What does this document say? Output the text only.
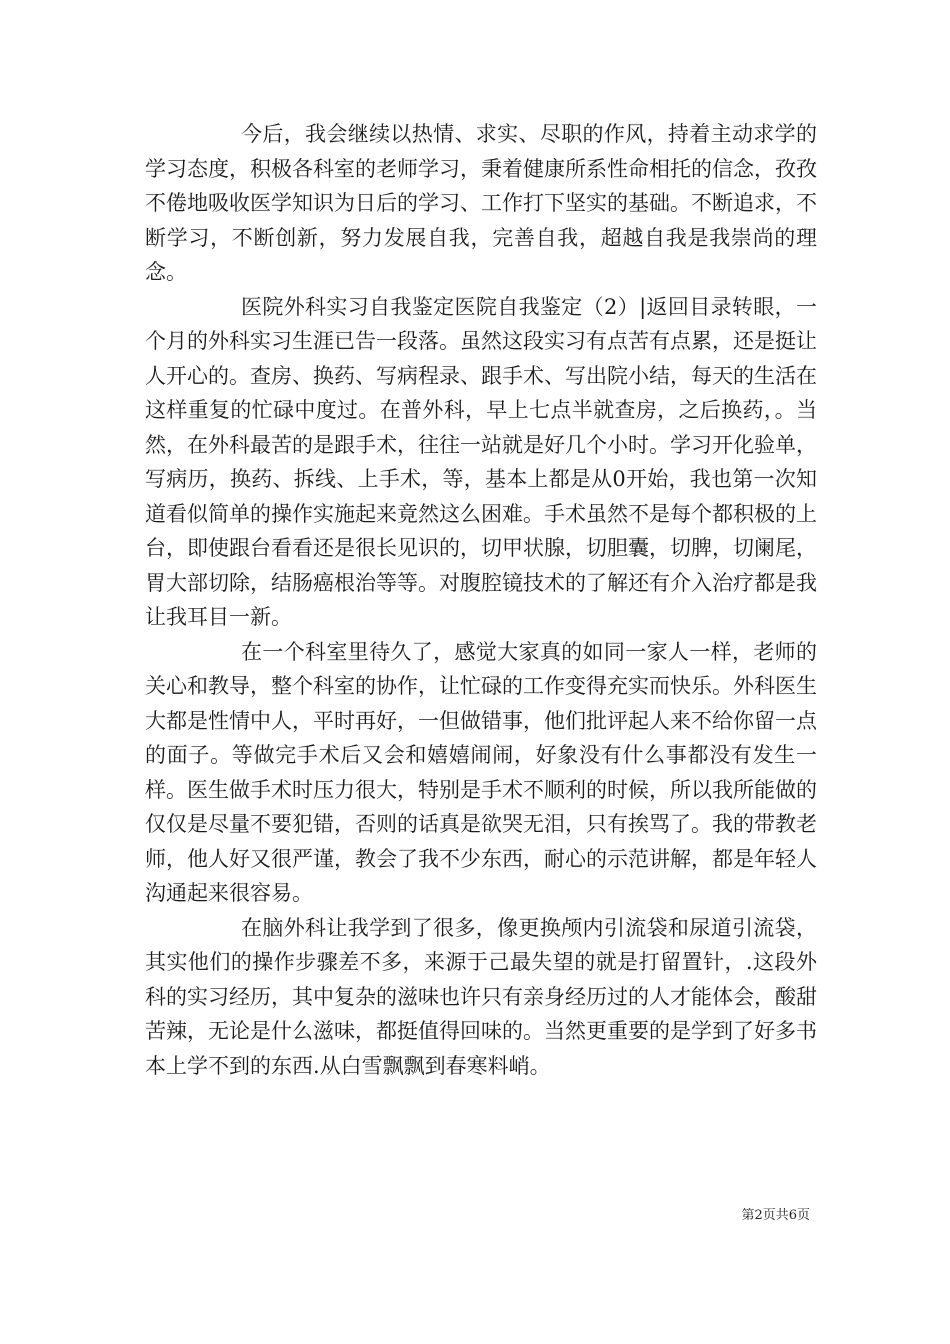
今后，我会继续以热情、求实、尽职的作风，持着主动求学的学习态度，积极各科室的老师学习，秉着健康所系性命相托的信念，孜孜不倦地吸收医学知识为日后的学习、工作打下坚实的基础。不断追求，不断学习，不断创新，努力发展自我，完善自我，超越自我是我崇尚的理念。

医院外科实习自我鉴定医院自我鉴定（2）|返回目录转眼，一个月的外科实习生涯已告一段落。虽然这段实习有点苦有点累，还是挺让人开心的。查房、换药、写病程录、跟手术、写出院小结，每天的生活在这样重复的忙碌中度过。在普外科，早上七点半就查房，之后换药，。当然，在外科最苦的是跟手术，往往一站就是好几个小时。学习开化验单，写病历，换药、拆线、上手术，等，基本上都是从0开始，我也第一次知道看似简单的操作实施起来竟然这么困难。手术虽然不是每个都积极的上台，即使跟台看看还是很长见识的，切甲状腺，切胆囊，切脾，切阑尾，胃大部切除，结肠癌根治等等。对腹腔镜技术的了解还有介入治疗都是我让我耳目一新。

在一个科室里待久了，感觉大家真的如同一家人一样，老师的关心和教导，整个科室的协作，让忙碌的工作变得充实而快乐。外科医生大都是性情中人，平时再好，一但做错事，他们批评起人来不给你留一点的面子。等做完手术后又会和嬉嬉闹闹，好象没有什么事都没有发生一样。医生做手术时压力很大，特别是手术不顺利的时候，所以我所能做的仅仅是尽量不要犯错，否则的话真是欲哭无泪，只有挨骂了。我的带教老师，他人好又很严谨，教会了我不少东西，耐心的示范讲解，都是年轻人沟通起来很容易。

在脑外科让我学到了很多，像更换颅内引流袋和尿道引流袋，其实他们的操作步骤差不多，来源于己最失望的就是打留置针，.这段外科的实习经历，其中复杂的滋味也许只有亲身经历过的人才能体会，酸甜苦辣，无论是什么滋味，都挺值得回味的。当然更重要的是学到了好多书本上学不到的东西.从白雪飘飘到春寒料峭。

第2页共6页
